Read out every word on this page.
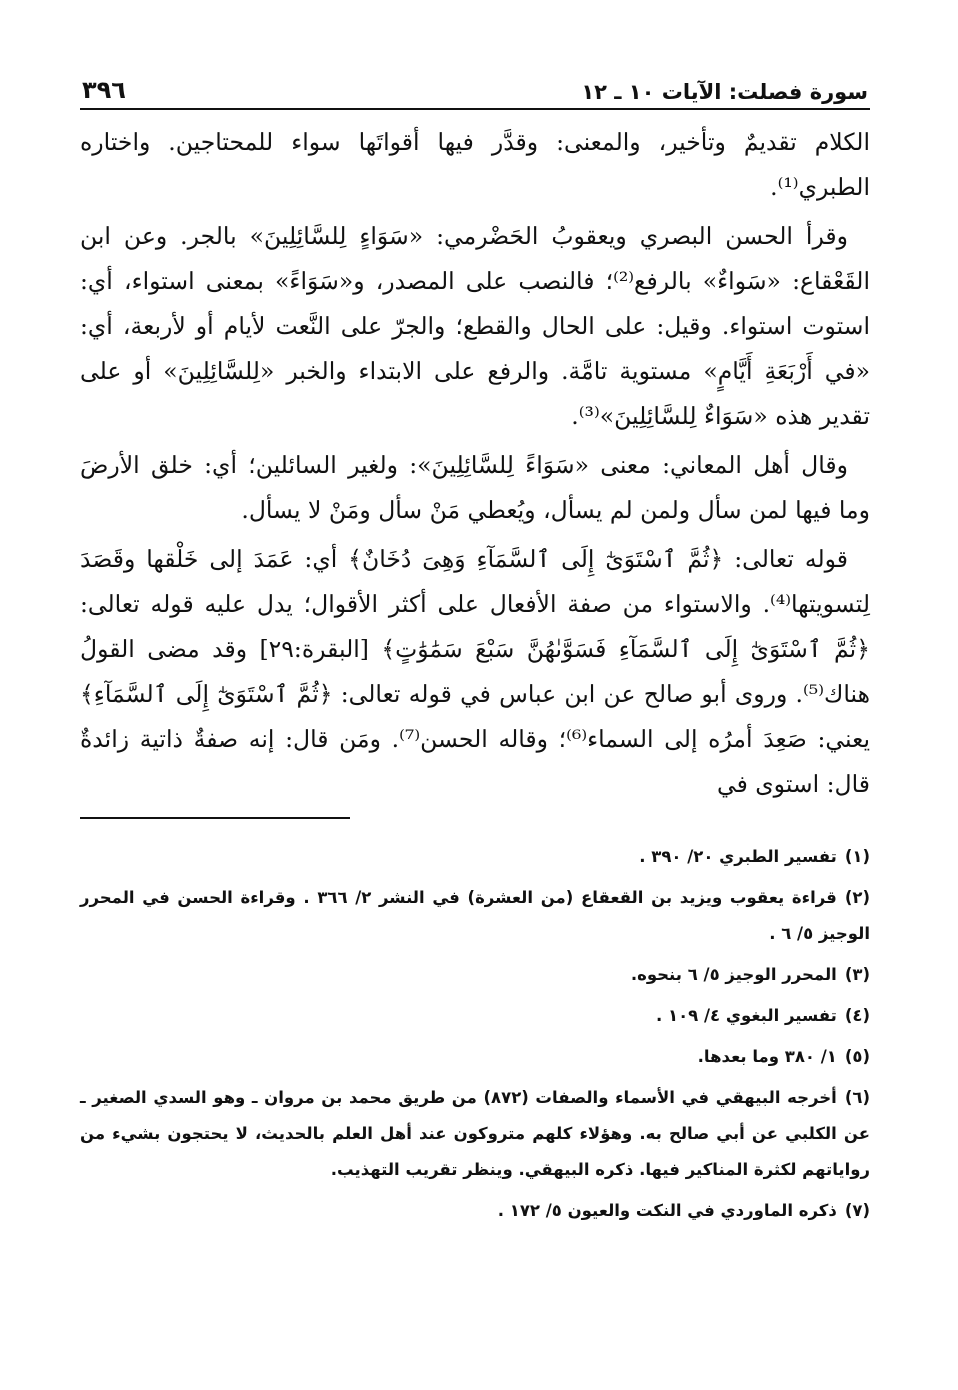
سورة فصلت: الآيات ١٠ ـ ١٢
٣٩٦

الكلام تقديمٌ وتأخير، والمعنى: وقدَّر فيها أقواتَها سواء للمحتاجين. واختاره الطبري⁽¹⁾.

وقرأ الحسن البصري ويعقوبُ الحَضْرمي: «سَوَاءٍ لِلسَّائِلِينَ» بالجر. وعن ابن القَعْقاع: «سَواءٌ» بالرفع⁽²⁾؛ فالنصب على المصدر، و«سَوَاءً» بمعنى استواء، أي: استوت استواء. وقيل: على الحال والقطع؛ والجرّ على النَّعت لأيام أو لأربعة، أي: «في أَرْبَعَةِ أَيَّامٍ» مستوية تامَّة. والرفع على الابتداء والخبر «لِلسَّائِلِينَ» أو على تقدير هذه «سَوَاءٌ لِلسَّائِلِينَ»⁽³⁾.

وقال أهل المعاني: معنى «سَوَاءً لِلسَّائِلِينَ»: ولغير السائلين؛ أي: خلق الأرضَ وما فيها لمن سأل ولمن لم يسأل، ويُعطي مَنْ سأل ومَنْ لا يسأل.

قوله تعالى: ﴿ثُمَّ ٱسْتَوَىٰٓ إِلَى ٱلسَّمَآءِ وَهِىَ دُخَانٌ﴾ أي: عَمَدَ إلى خَلْقها وقَصَدَ لِتسويتها⁽⁴⁾. والاستواء من صفة الأفعال على أكثر الأقوال؛ يدل عليه قوله تعالى: ﴿ثُمَّ ٱسْتَوَىٰٓ إِلَى ٱلسَّمَآءِ فَسَوَّىٰهُنَّ سَبْعَ سَمَٰوَٰتٍ﴾ [البقرة:٢٩] وقد مضى القولُ هناك⁽⁵⁾. وروى أبو صالح عن ابن عباس في قوله تعالى: ﴿ثُمَّ ٱسْتَوَىٰٓ إِلَى ٱلسَّمَآءِ﴾ يعني: صَعِدَ أمرُه إلى السماء⁽⁶⁾؛ وقاله الحسن⁽⁷⁾. ومَن قال: إنه صفةٌ ذاتية زائدةٌ قال: استوى في

(١)تفسير الطبري ٢٠/ ٣٩٠ .

(٢)قراءة يعقوب ويزيد بن القعقاع (من العشرة) في النشر ٢/ ٣٦٦ . وقراءة الحسن في المحرر الوجيز ٥/ ٦ .

(٣)المحرر الوجيز ٥/ ٦ بنحوه.

(٤)تفسير البغوي ٤/ ١٠٩ .

(٥)١/ ٣٨٠ وما بعدها.

(٦)أخرجه البيهقي في الأسماء والصفات (٨٧٢) من طريق محمد بن مروان ـ وهو السدي الصغير ـ عن الكلبي عن أبي صالح به. وهؤلاء كلهم متروكون عند أهل العلم بالحديث، لا يحتجون بشيء من رواياتهم لكثرة المناكير فيها. ذكره البيهقي. وينظر تقريب التهذيب.

(٧)ذكره الماوردي في النكت والعيون ٥/ ١٧٢ .
